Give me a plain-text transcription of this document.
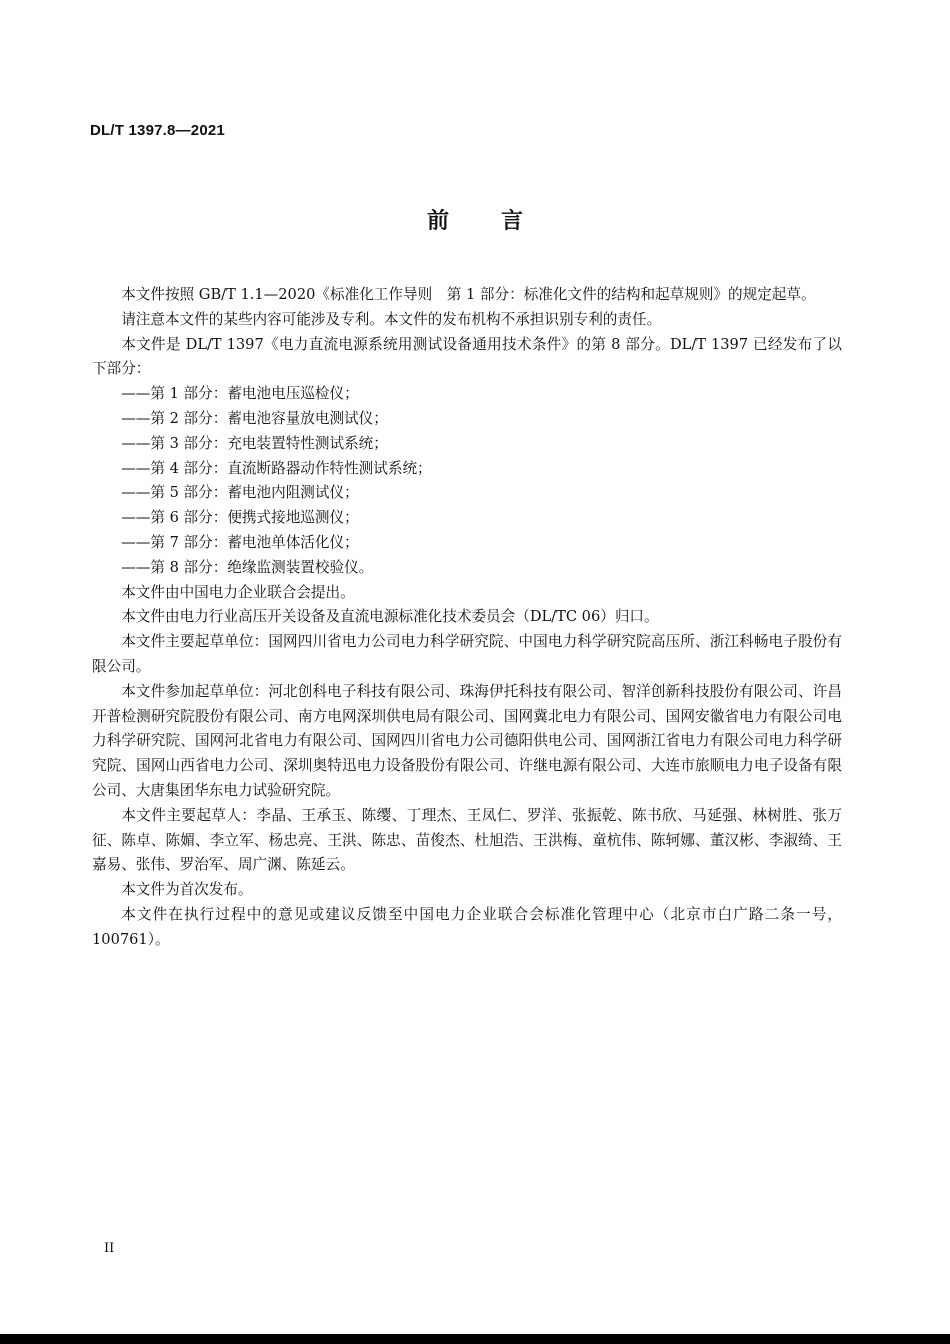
DL/T 1397.8—2021
前言

本文件按照 GB/T 1.1—2020《标准化工作导则　第 1 部分：标准化文件的结构和起草规则》的规定起草。

请注意本文件的某些内容可能涉及专利。本文件的发布机构不承担识别专利的责任。

本文件是 DL/T 1397《电力直流电源系统用测试设备通用技术条件》的第 8 部分。DL/T 1397 已经发布了以下部分：

——第 1 部分：蓄电池电压巡检仪；

——第 2 部分：蓄电池容量放电测试仪；

——第 3 部分：充电装置特性测试系统；

——第 4 部分：直流断路器动作特性测试系统；

——第 5 部分：蓄电池内阻测试仪；

——第 6 部分：便携式接地巡测仪；

——第 7 部分：蓄电池单体活化仪；

——第 8 部分：绝缘监测装置校验仪。

本文件由中国电力企业联合会提出。

本文件由电力行业高压开关设备及直流电源标准化技术委员会（DL/TC 06）归口。

本文件主要起草单位：国网四川省电力公司电力科学研究院、中国电力科学研究院高压所、浙江科畅电子股份有限公司。

本文件参加起草单位：河北创科电子科技有限公司、珠海伊托科技有限公司、智洋创新科技股份有限公司、许昌开普检测研究院股份有限公司、南方电网深圳供电局有限公司、国网冀北电力有限公司、国网安徽省电力有限公司电力科学研究院、国网河北省电力有限公司、国网四川省电力公司德阳供电公司、国网浙江省电力有限公司电力科学研究院、国网山西省电力公司、深圳奥特迅电力设备股份有限公司、许继电源有限公司、大连市旅顺电力电子设备有限公司、大唐集团华东电力试验研究院。

本文件主要起草人：李晶、王承玉、陈缨、丁理杰、王凤仁、罗洋、张振乾、陈书欣、马延强、林树胜、张万征、陈卓、陈媚、李立军、杨忠亮、王洪、陈忠、苗俊杰、杜旭浩、王洪梅、童杭伟、陈轲娜、董汉彬、李淑绮、王嘉易、张伟、罗治军、周广渊、陈延云。

本文件为首次发布。

本文件在执行过程中的意见或建议反馈至中国电力企业联合会标准化管理中心（北京市白广路二条一号，100761）。

II
